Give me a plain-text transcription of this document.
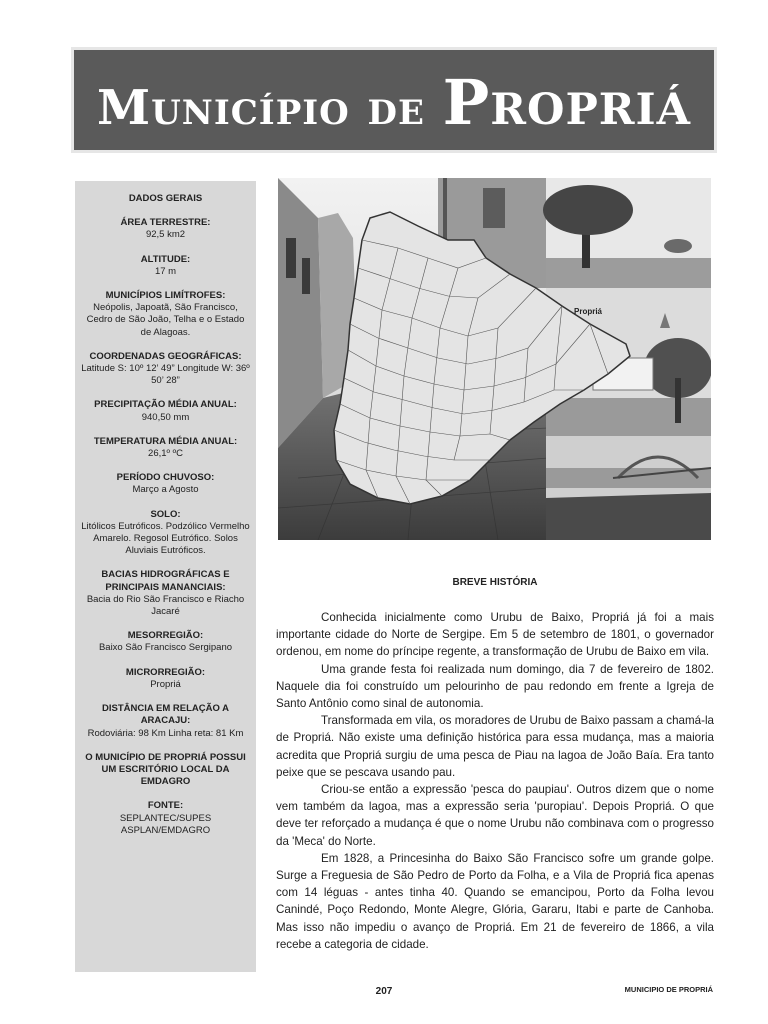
Município de Propriá
DADOS GERAIS
ÁREA TERRESTRE:
92,5 km2
ALTITUDE:
17 m
MUNICÍPIOS LIMÍTROFES:
Neópolis, Japoatã, São Francisco, Cedro de São João, Telha e o Estado de Alagoas.
COORDENADAS GEOGRÁFICAS:
Latitude S: 10º 12’ 49” Longitude W: 36º 50’ 28”
PRECIPITAÇÃO MÉDIA ANUAL:
940,50 mm
TEMPERATURA MÉDIA ANUAL:
26,1º ºC
PERÍODO CHUVOSO:
Março a Agosto
SOLO:
Litólicos Eutróficos. Podzólico Vermelho Amarelo. Regosol Eutrófico. Solos Aluviais Eutróficos.
BACIAS HIDROGRÁFICAS E PRINCIPAIS MANANCIAIS:
Bacia do Rio São Francisco e Riacho Jacaré
MESORREGIÃO:
Baixo São Francisco Sergipano
MICRORREGIÃO:
Propriá
DISTÂNCIA EM RELAÇÃO A ARACAJU:
Rodoviária: 98 Km Linha reta: 81 Km
O MUNICÍPIO DE PROPRIÁ POSSUI UM ESCRITÓRIO LOCAL DA EMDAGRO
FONTE:
SEPLANTEC/SUPES ASPLAN/EMDAGRO
Propriá
BREVE HISTÓRIA

Conhecida inicialmente como Urubu de Baixo, Propriá já foi a mais importante cidade do Norte de Sergipe. Em 5 de setembro de 1801, o governador ordenou, em nome do príncipe regente, a transformação de Urubu de Baixo em vila.

Uma grande festa foi realizada num domingo, dia 7 de fevereiro de 1802. Naquele dia foi construído um pelourinho de pau redondo em frente a Igreja de Santo Antônio como sinal de autonomia.

Transformada em vila, os moradores de Urubu de Baixo passam a chamá-la de Propriá. Não existe uma definição histórica para essa mudança, mas a maioria acredita que Propriá surgiu de uma pesca de Piau na lagoa de João Baía. Era tanto peixe que se pescava usando pau.

Criou-se então a expressão 'pesca do paupiau'. Outros dizem que o nome vem também da lagoa, mas a expressão seria 'puropiau'. Depois Propriá. O que deve ter reforçado a mudança é que o nome Urubu não combinava com o progresso da 'Meca' do Norte.

Em 1828, a Princesinha do Baixo São Francisco sofre um grande golpe. Surge a Freguesia de São Pedro de Porto da Folha, e a Vila de Propriá fica apenas com 14 léguas - antes tinha 40. Quando se emancipou, Porto da Folha levou Canindé, Poço Redondo, Monte Alegre, Glória, Gararu, Itabi e parte de Canhoba. Mas isso não impediu o avanço de Propriá. Em 21 de fevereiro de 1866, a vila recebe a categoria de cidade.

207	MUNICIPIO DE PROPRIÁ
